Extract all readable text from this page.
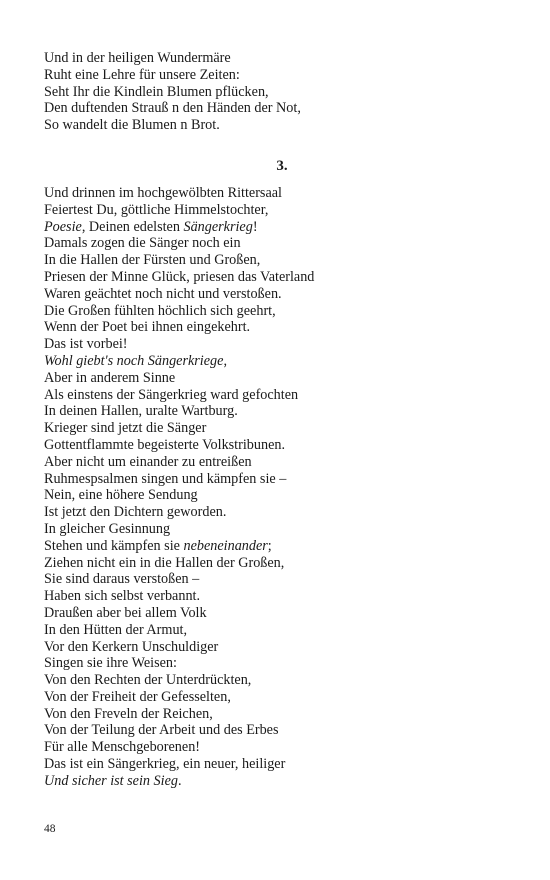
Und in der heiligen Wundermäre
Ruht eine Lehre für unsere Zeiten:
Seht Ihr die Kindlein Blumen pflücken,
Den duftenden Strauß n den Händen der Not,
So wandelt die Blumen n Brot.
3.
Und drinnen im hochgewölbten Rittersaal
Feiertest Du, göttliche Himmelstochter,
Poesie, Deinen edelsten Sängerkrieg!
Damals zogen die Sänger noch ein
In die Hallen der Fürsten und Großen,
Priesen der Minne Glück, priesen das Vaterland
Waren geächtet noch nicht und verstoßen.
Die Großen fühlten höchlich sich geehrt,
Wenn der Poet bei ihnen eingekehrt.
Das ist vorbei!
Wohl giebt's noch Sängerkriege,
Aber in anderem Sinne
Als einstens der Sängerkrieg ward gefochten
In deinen Hallen, uralte Wartburg.
Krieger sind jetzt die Sänger
Gottentflammte begeisterte Volkstribunen.
Aber nicht um einander zu entreißen
Ruhmespsalmen singen und kämpfen sie –
Nein, eine höhere Sendung
Ist jetzt den Dichtern geworden.
In gleicher Gesinnung
Stehen und kämpfen sie nebeneinander;
Ziehen nicht ein in die Hallen der Großen,
Sie sind daraus verstoßen –
Haben sich selbst verbannt.
Draußen aber bei allem Volk
In den Hütten der Armut,
Vor den Kerkern Unschuldiger
Singen sie ihre Weisen:
Von den Rechten der Unterdrückten,
Von der Freiheit der Gefesselten,
Von den Freveln der Reichen,
Von der Teilung der Arbeit und des Erbes
Für alle Menschgeborenen!
Das ist ein Sängerkrieg, ein neuer, heiliger
Und sicher ist sein Sieg.
48
